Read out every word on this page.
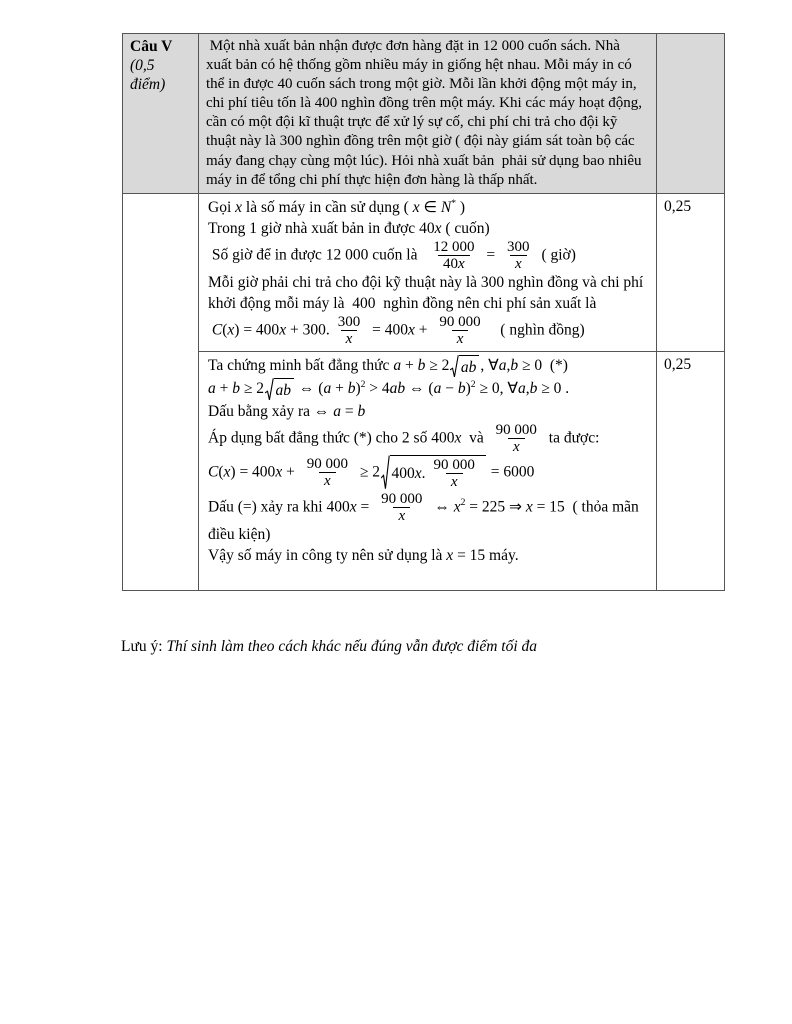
Câu V
(0,5 điểm)	Một nhà xuất bản nhận được đơn hàng đặt in 12 000 cuốn sách. Nhà xuất bản có hệ thống gồm nhiều máy in giống hệt nhau. Mỗi máy in có thể in được 40 cuốn sách trong một giờ. Mỗi lần khởi động một máy in, chi phí tiêu tốn là 400 nghìn đồng trên một máy. Khi các máy hoạt động, cần có một đội kĩ thuật trực để xử lý sự cố, chi phí chi trả cho đội kỹ thuật này là 300 nghìn đồng trên một giờ ( đội này giám sát toàn bộ các máy đang chạy cùng một lúc). Hỏi nhà xuất bản  phải sử dụng bao nhiêu máy in để tổng chi phí thực hiện đơn hàng là thấp nhất.	

Gọi x là số máy in cần sử dụng ( x ∈ N* )
Trong 1 giờ nhà xuất bản in được 40x ( cuốn)
Số giờ để in được 12 000 cuốn là $\frac{12 000}{40x} = \frac{300}{x}$ ( giờ)
Mỗi giờ phải chi trả cho đội kỹ thuật này là 300 nghìn đồng và chi phí khởi động mỗi máy là  400  nghìn đồng nên chi phí sản xuất là
C(x) = 400x + 300. $\frac{300}{x} = 400x + \frac{90 000}{x}$ ( nghìn đồng)
	0,25

Ta chứng minh bất đẳng thức a + b ≥ 2 ab , ∀a,b ≥ 0  (*)
a + b ≥ 2 ab ⇔ $(a + b)^2 > 4ab$ ⇔ $(a - b)^2 \ge 0$, ∀a,b ≥ 0 .
Dấu bằng xảy ra ⇔ a = b
Áp dụng bất đẳng thức (*) cho 2 số 400x  và $\frac{90 000}{x}$ ta được:
$C(x) = 400x + \frac{90 000}{x} \ge 2$ 400 x . $\frac{90 000}{x} = 6000$
Dấu (=) xảy ra khi $400x = \frac{90 000}{x}$ ⇔ $x^2 = 225$ ⇒ x = 15  ( thỏa mãn điều kiện)
Vậy số máy in công ty nên sử dụng là x = 15 máy.
	0,25
Lưu ý: Thí sinh làm theo cách khác nếu đúng vẫn được điểm tối đa
